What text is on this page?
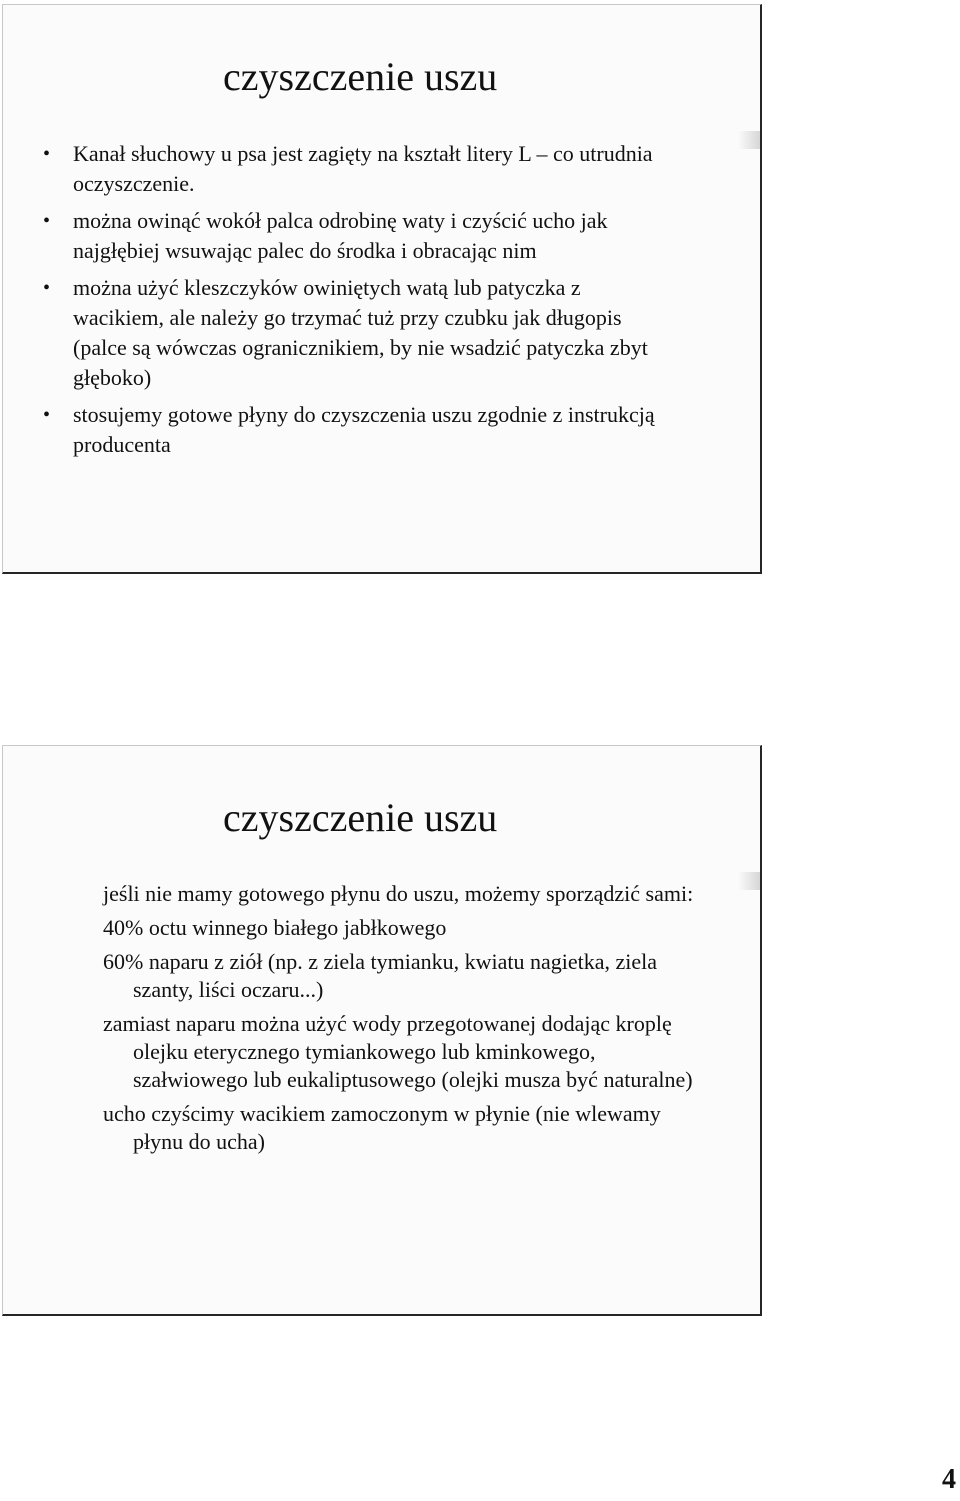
czyszczenie uszu
• Kanał słuchowy u psa jest zagięty na kształt litery L – co utrudnia oczyszczenie.
• można owinąć wokół palca odrobinę waty i czyścić ucho jak najgłębiej wsuwając palec do środka i obracając nim
• można użyć kleszczyków owiniętych watą lub patyczka z wacikiem, ale należy go trzymać tuż przy czubku jak długopis (palce są wówczas ogranicznikiem, by nie wsadzić patyczka zbyt głęboko)
• stosujemy gotowe płyny do czyszczenia uszu zgodnie z instrukcją producenta
czyszczenie uszu
jeśli nie mamy gotowego płynu do uszu, możemy sporządzić sami:
40% octu winnego białego jabłkowego
60% naparu z ziół (np. z ziela tymianku, kwiatu nagietka, ziela szanty, liści oczaru...)
zamiast naparu można użyć wody przegotowanej dodając kroplę olejku eterycznego tymiankowego lub kminkowego, szałwiowego lub eukaliptusowego (olejki musza być naturalne)
ucho czyścimy wacikiem zamoczonym w płynie (nie wlewamy płynu do ucha)
4
